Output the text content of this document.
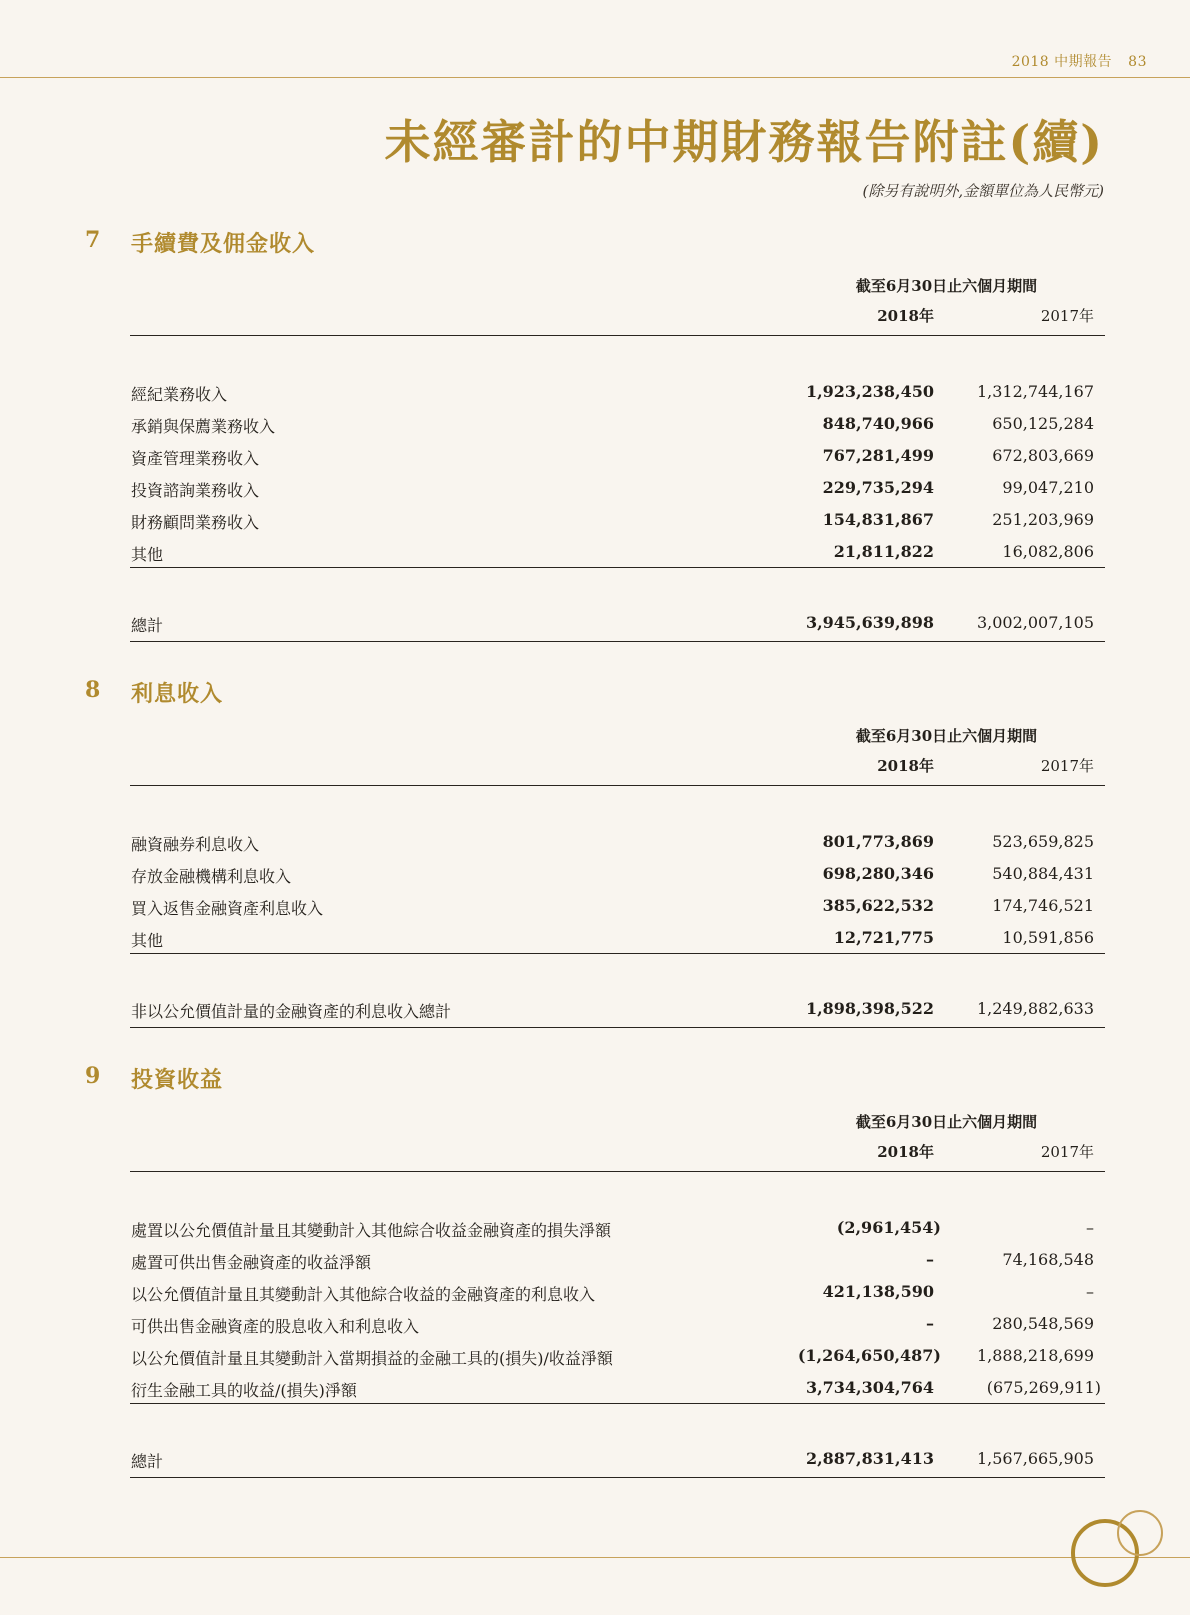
2018 中期報告 83
未經審計的中期財務報告附註(續)
(除另有說明外,金額單位為人民幣元)
7 手續費及佣金收入
截至6月30日止六個月期間
2018年	2017年
經紀業務收入	1,923,238,450	1,312,744,167
承銷與保薦業務收入	848,740,966	650,125,284
資產管理業務收入	767,281,499	672,803,669
投資諮詢業務收入	229,735,294	99,047,210
財務顧問業務收入	154,831,867	251,203,969
其他	21,811,822	16,082,806
總計	3,945,639,898	3,002,007,105
8 利息收入
截至6月30日止六個月期間
2018年	2017年
融資融券利息收入	801,773,869	523,659,825
存放金融機構利息收入	698,280,346	540,884,431
買入返售金融資產利息收入	385,622,532	174,746,521
其他	12,721,775	10,591,856
非以公允價值計量的金融資產的利息收入總計	1,898,398,522	1,249,882,633
9 投資收益
截至6月30日止六個月期間
2018年	2017年
處置以公允價值計量且其變動計入其他綜合收益金融資產的損失淨額	(2,961,454)	–
處置可供出售金融資產的收益淨額	–	74,168,548
以公允價值計量且其變動計入其他綜合收益的金融資產的利息收入	421,138,590	–
可供出售金融資產的股息收入和利息收入	–	280,548,569
以公允價值計量且其變動計入當期損益的金融工具的(損失)/收益淨額	(1,264,650,487) 1,888,218,699
衍生金融工具的收益/(損失)淨額	3,734,304,764	(675,269,911)
總計	2,887,831,413	1,567,665,905
